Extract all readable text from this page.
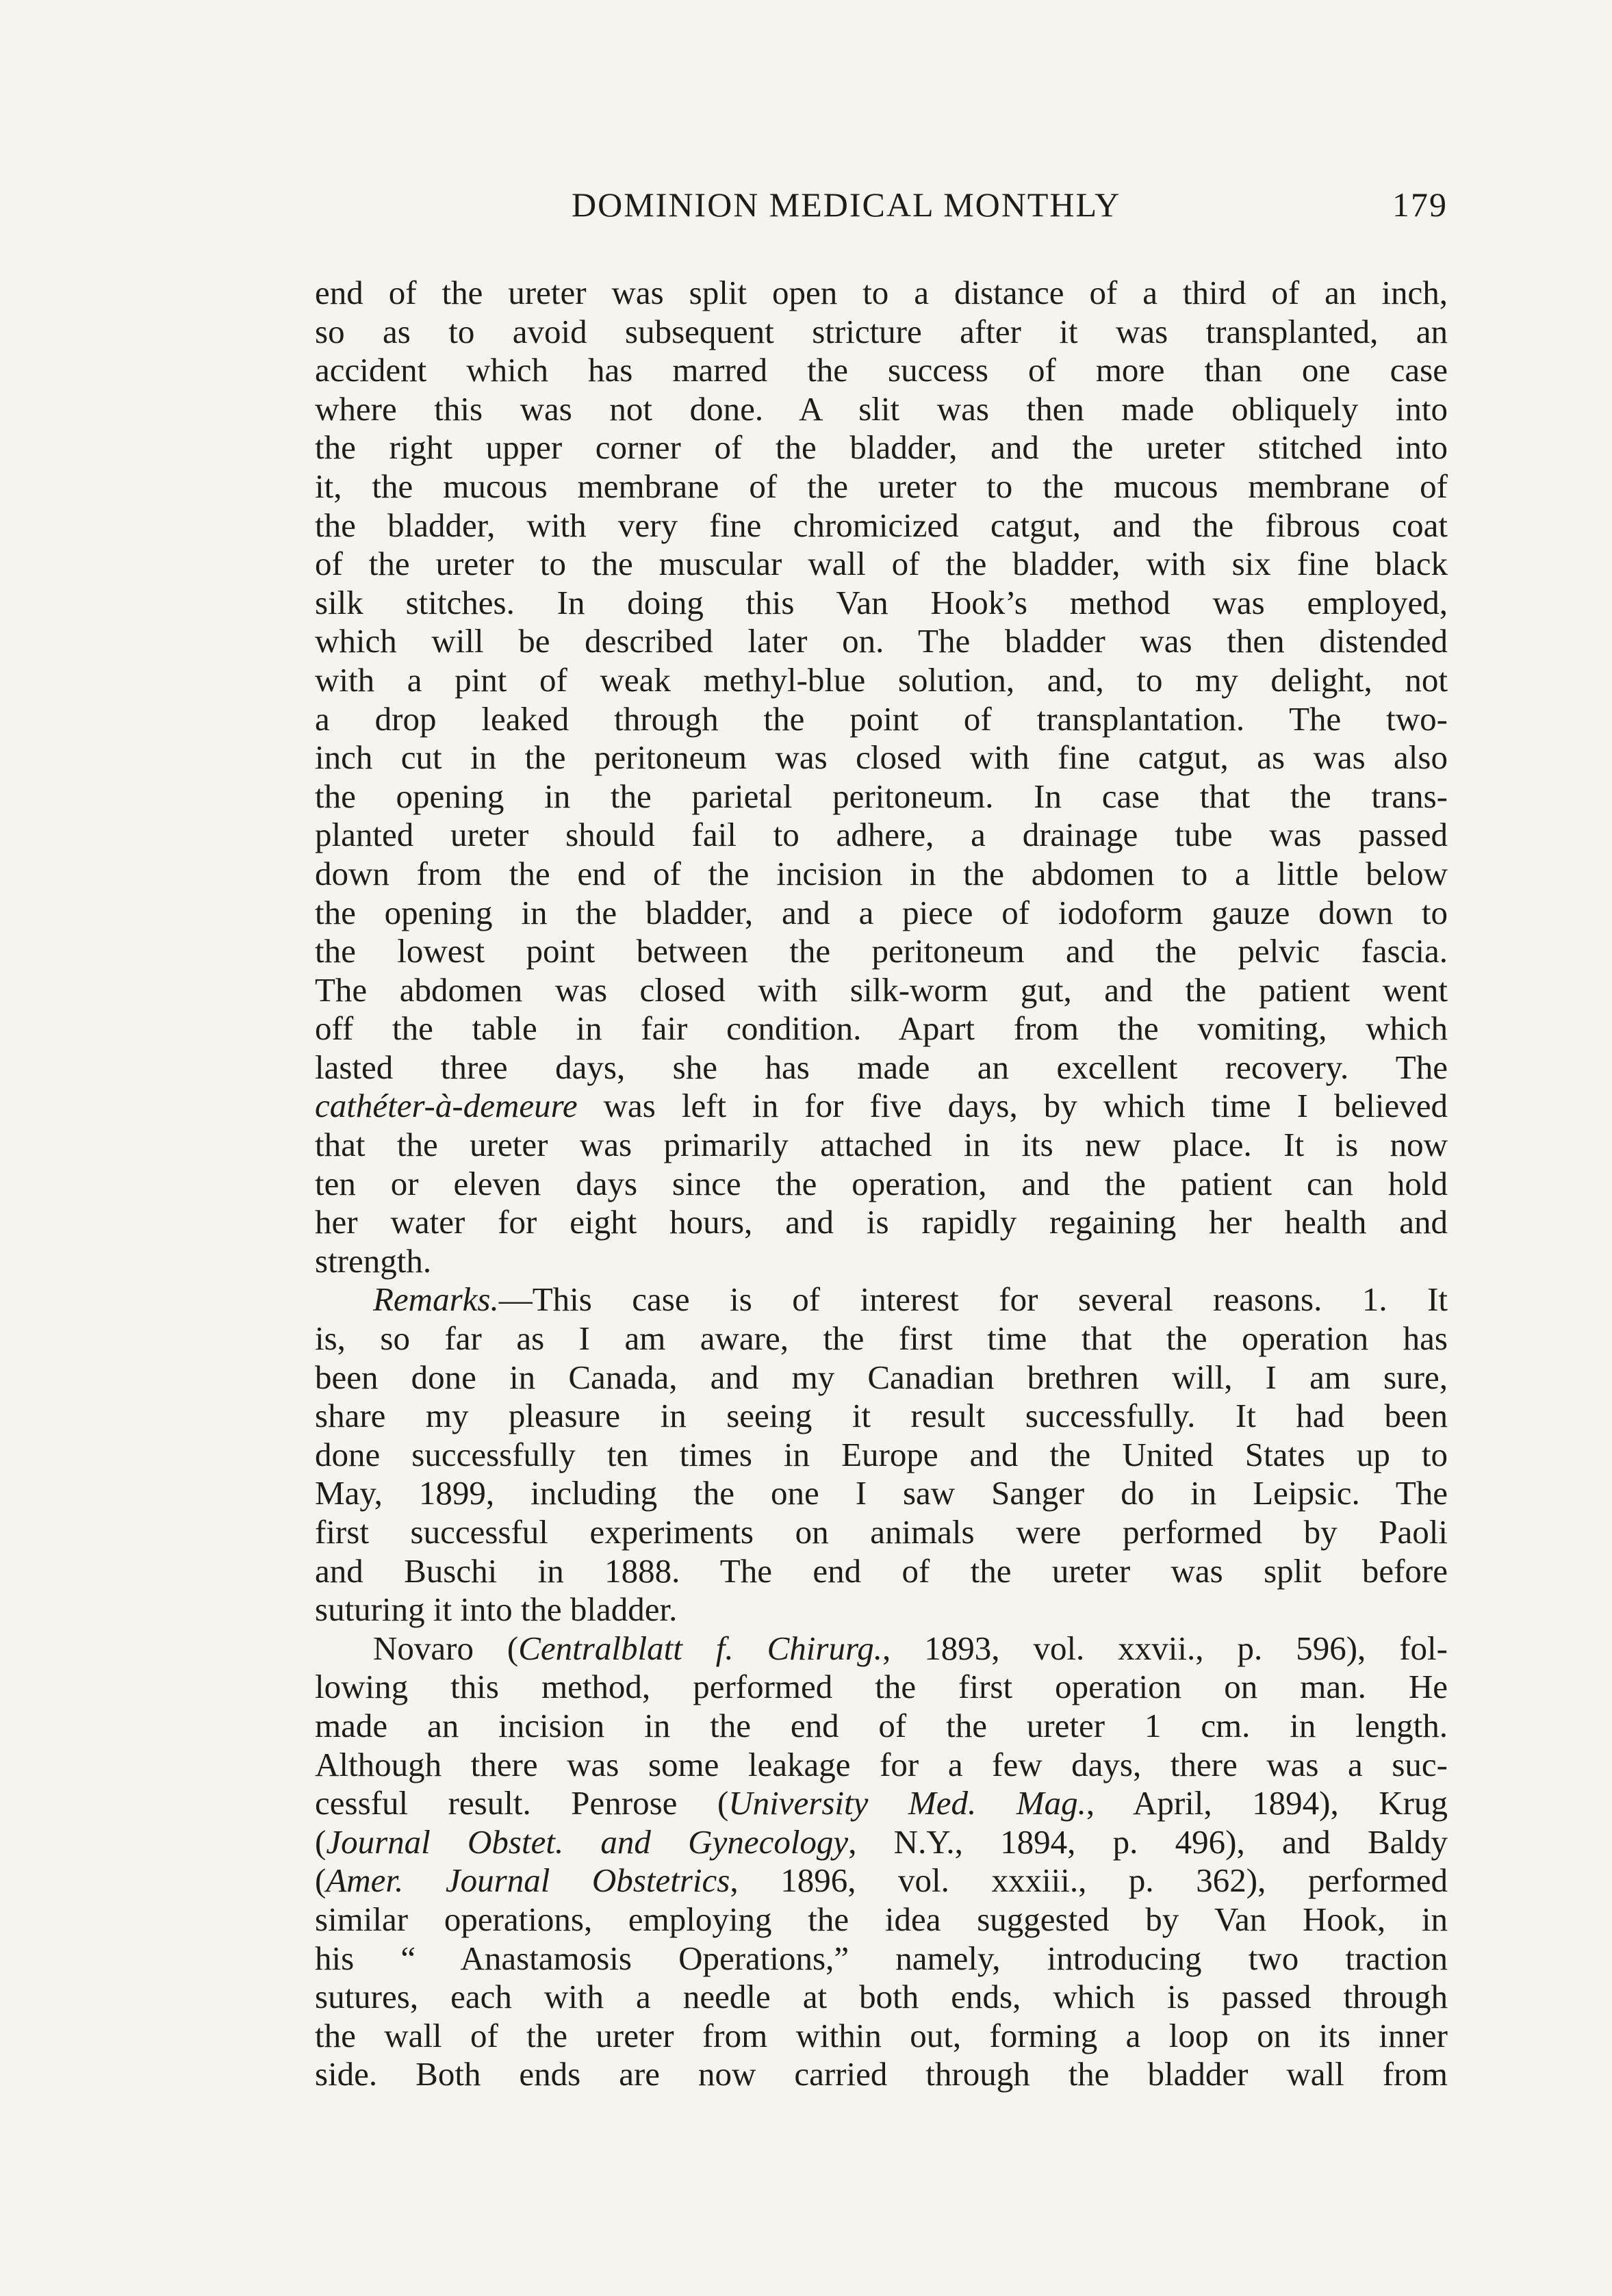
DOMINION MEDICAL MONTHLY	179
end of the ureter was split open to a distance of a third of an inch,
so as to avoid subsequent stricture after it was transplanted, an
accident which has marred the success of more than one case
where this was not done. A slit was then made obliquely into
the right upper corner of the bladder, and the ureter stitched into
it, the mucous membrane of the ureter to the mucous membrane of
the bladder, with very fine chromicized catgut, and the fibrous coat
of the ureter to the muscular wall of the bladder, with six fine black
silk stitches. In doing this Van Hook’s method was employed,
which will be described later on. The bladder was then distended
with a pint of weak methyl-blue solution, and, to my delight, not
a drop leaked through the point of transplantation. The two-
inch cut in the peritoneum was closed with fine catgut, as was also
the opening in the parietal peritoneum. In case that the trans-
planted ureter should fail to adhere, a drainage tube was passed
down from the end of the incision in the abdomen to a little below
the opening in the bladder, and a piece of iodoform gauze down to
the lowest point between the peritoneum and the pelvic fascia.
The abdomen was closed with silk-worm gut, and the patient went
off the table in fair condition. Apart from the vomiting, which
lasted three days, she has made an excellent recovery. The
cathéter-à-demeure was left in for five days, by which time I believed
that the ureter was primarily attached in its new place. It is now
ten or eleven days since the operation, and the patient can hold
her water for eight hours, and is rapidly regaining her health and
strength.
Remarks.—This case is of interest for several reasons. 1. It
is, so far as I am aware, the first time that the operation has
been done in Canada, and my Canadian brethren will, I am sure,
share my pleasure in seeing it result successfully. It had been
done successfully ten times in Europe and the United States up to
May, 1899, including the one I saw Sanger do in Leipsic. The
first successful experiments on animals were performed by Paoli
and Buschi in 1888. The end of the ureter was split before
suturing it into the bladder.
Novaro (Centralblatt f. Chirurg., 1893, vol. xxvii., p. 596), fol-
lowing this method, performed the first operation on man. He
made an incision in the end of the ureter 1 cm. in length.
Although there was some leakage for a few days, there was a suc-
cessful result. Penrose (University Med. Mag., April, 1894), Krug
(Journal Obstet. and Gynecology, N.Y., 1894, p. 496), and Baldy
(Amer. Journal Obstetrics, 1896, vol. xxxiii., p. 362), performed
similar operations, employing the idea suggested by Van Hook, in
his “ Anastamosis Operations,” namely, introducing two traction
sutures, each with a needle at both ends, which is passed through
the wall of the ureter from within out, forming a loop on its inner
side. Both ends are now carried through the bladder wall from
